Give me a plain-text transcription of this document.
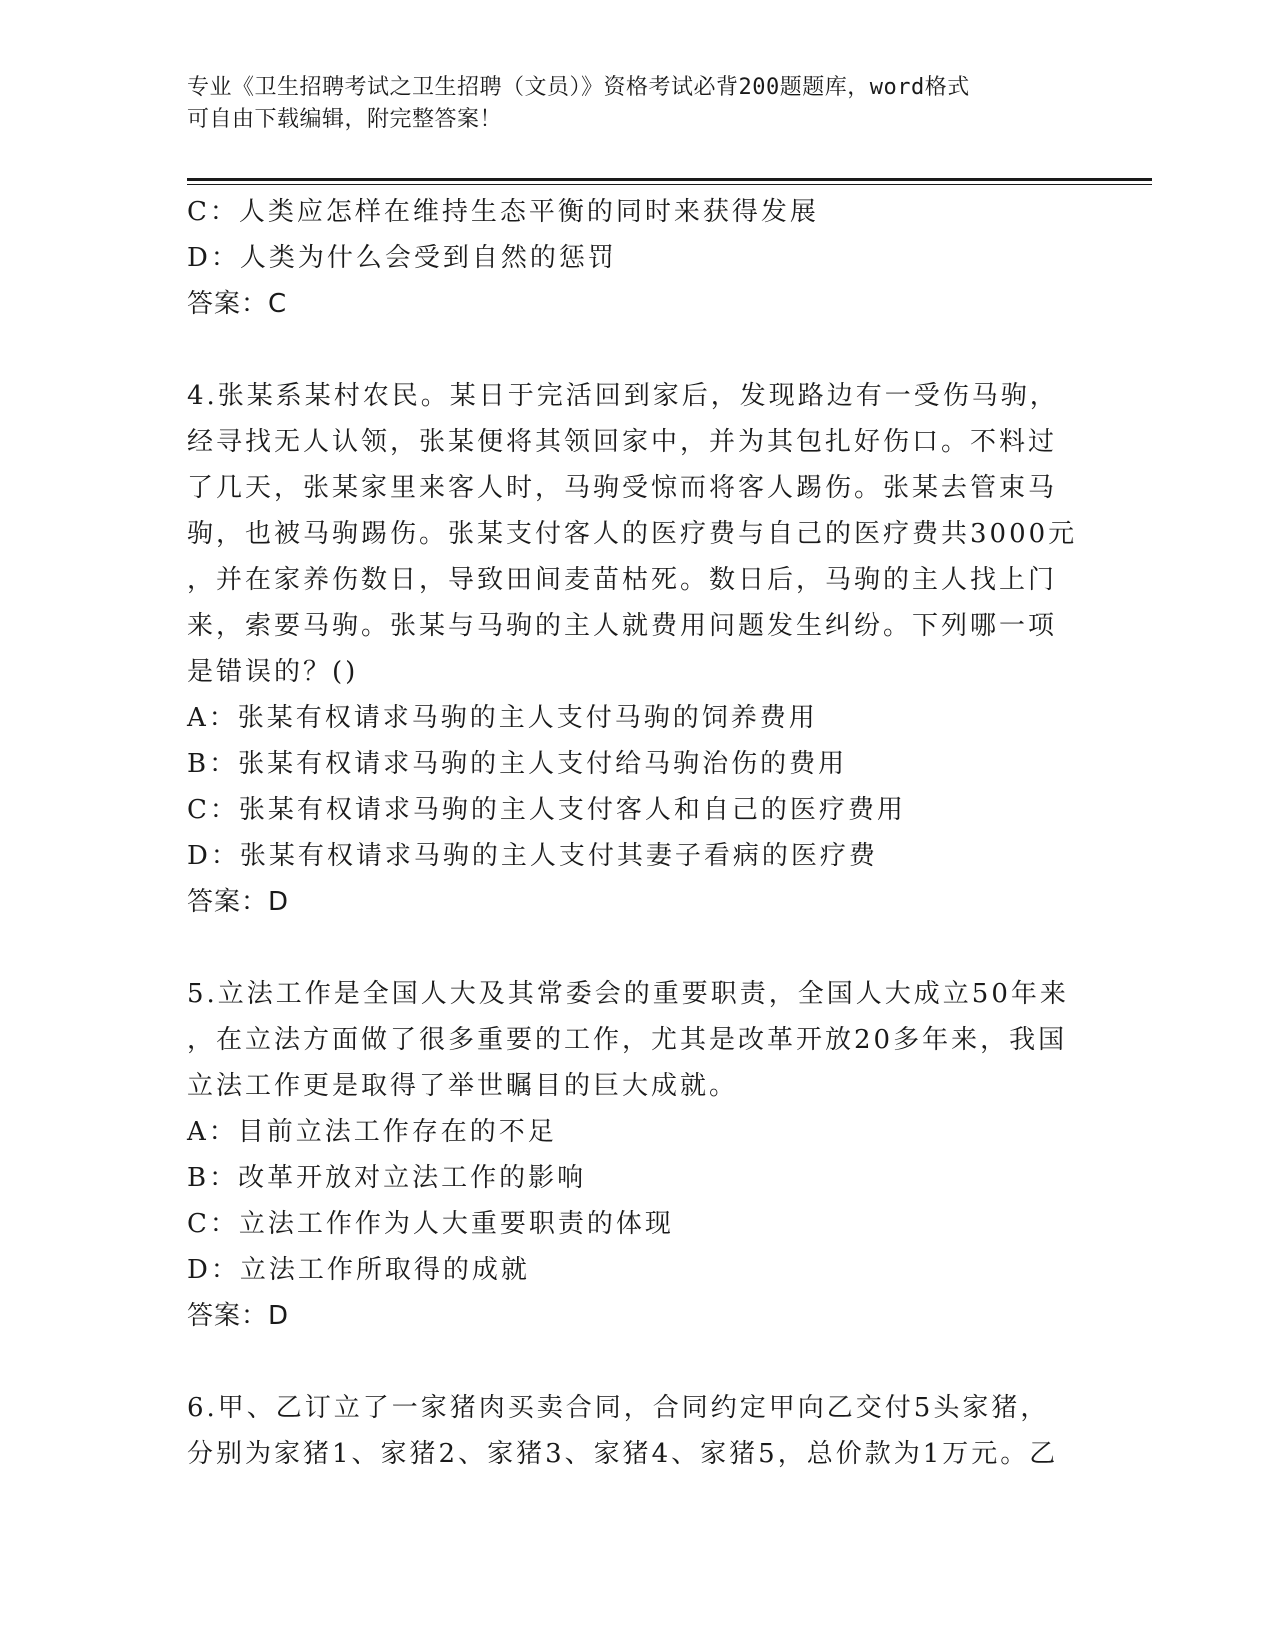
专业《卫生招聘考试之卫生招聘（文员）》资格考试必背200题题库，word格式
可自由下载编辑，附完整答案！
C：人类应怎样在维持生态平衡的同时来获得发展
D：人类为什么会受到自然的惩罚
答案：C
4.张某系某村农民。某日于完活回到家后，发现路边有一受伤马驹，
经寻找无人认领，张某便将其领回家中，并为其包扎好伤口。不料过
了几天，张某家里来客人时，马驹受惊而将客人踢伤。张某去管束马
驹，也被马驹踢伤。张某支付客人的医疗费与自己的医疗费共3000元
，并在家养伤数日，导致田间麦苗枯死。数日后，马驹的主人找上门
来，索要马驹。张某与马驹的主人就费用问题发生纠纷。下列哪一项
是错误的？()
A：张某有权请求马驹的主人支付马驹的饲养费用
B：张某有权请求马驹的主人支付给马驹治伤的费用
C：张某有权请求马驹的主人支付客人和自己的医疗费用
D：张某有权请求马驹的主人支付其妻子看病的医疗费
答案：D
5.立法工作是全国人大及其常委会的重要职责，全国人大成立50年来
，在立法方面做了很多重要的工作，尤其是改革开放20多年来，我国
立法工作更是取得了举世瞩目的巨大成就。
A：目前立法工作存在的不足
B：改革开放对立法工作的影响
C：立法工作作为人大重要职责的体现
D：立法工作所取得的成就
答案：D
6.甲、乙订立了一家猪肉买卖合同，合同约定甲向乙交付5头家猪，
分别为家猪1、家猪2、家猪3、家猪4、家猪5，总价款为1万元。乙
